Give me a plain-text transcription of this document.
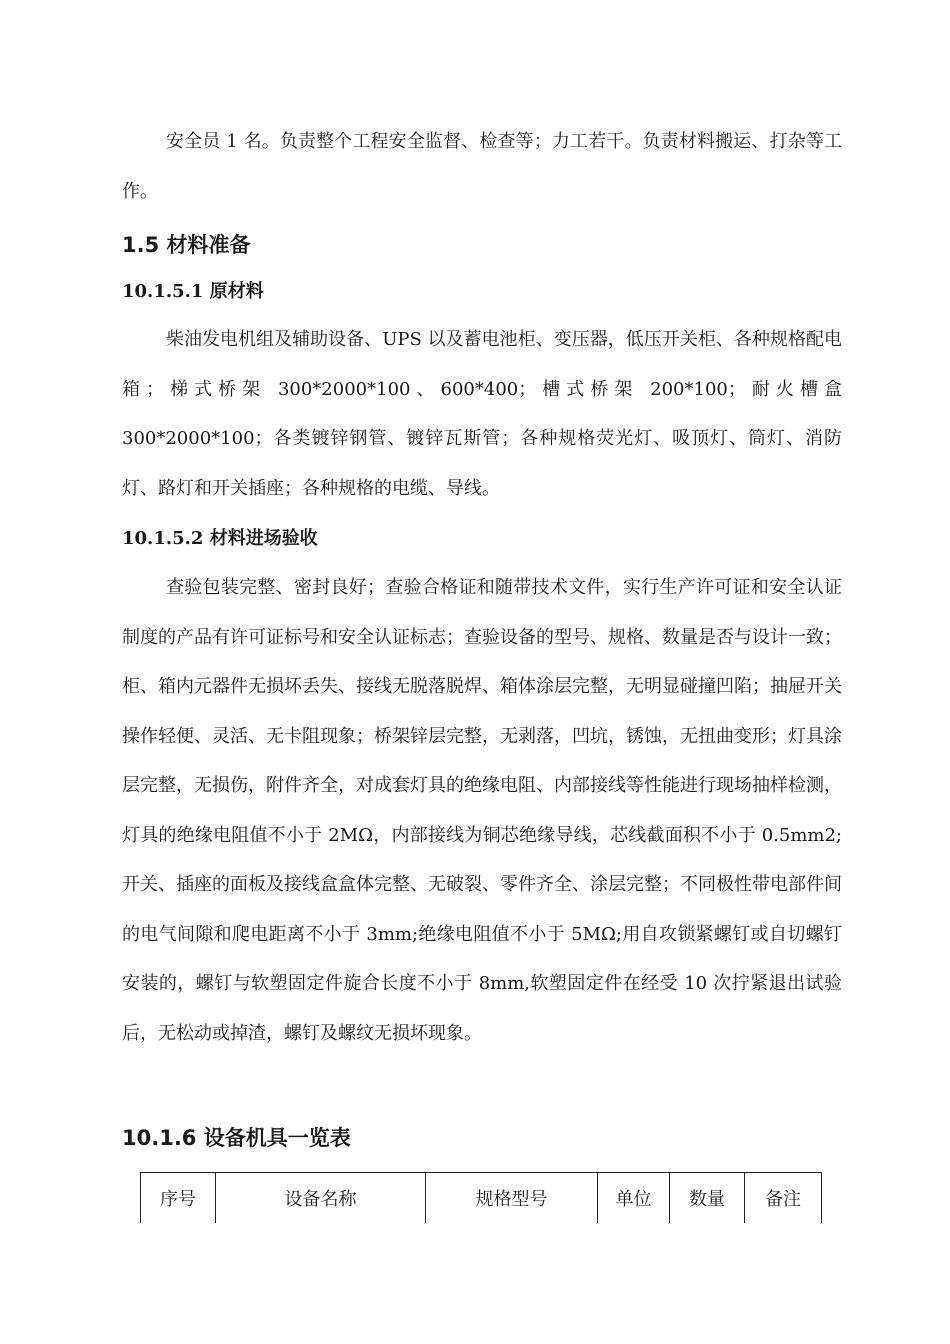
安全员 1 名。负责整个工程安全监督、检查等；力工若干。负责材料搬运、打杂等工作。

1.5 材料准备
10.1.5.1 原材料

柴油发电机组及辅助设备、UPS 以及蓄电池柜、变压器，低压开关柜、各种规格配电箱；梯式桥架 300*2000*100、600*400；槽式桥架 200*100；耐火槽盒 300*2000*100；各类镀锌钢管、镀锌瓦斯管；各种规格荧光灯、吸顶灯、筒灯、消防灯、路灯和开关插座；各种规格的电缆、导线。

10.1.5.2 材料进场验收

查验包装完整、密封良好；查验合格证和随带技术文件，实行生产许可证和安全认证制度的产品有许可证标号和安全认证标志；查验设备的型号、规格、数量是否与设计一致；柜、箱内元器件无损坏丢失、接线无脱落脱焊、箱体涂层完整，无明显碰撞凹陷；抽屉开关操作轻便、灵活、无卡阻现象；桥架锌层完整，无剥落，凹坑，锈蚀，无扭曲变形；灯具涂层完整，无损伤，附件齐全，对成套灯具的绝缘电阻、内部接线等性能进行现场抽样检测，灯具的绝缘电阻值不小于 2MΩ，内部接线为铜芯绝缘导线，芯线截面积不小于 0.5mm2;开关、插座的面板及接线盒盒体完整、无破裂、零件齐全、涂层完整；不同极性带电部件间的电气间隙和爬电距离不小于 3mm;绝缘电阻值不小于 5MΩ;用自攻锁紧螺钉或自切螺钉安装的，螺钉与软塑固定件旋合长度不小于 8mm,软塑固定件在经受 10 次拧紧退出试验后，无松动或掉渣，螺钉及螺纹无损坏现象。

10.1.6 设备机具一览表
序号	设备名称	规格型号	单位	数量	备注
